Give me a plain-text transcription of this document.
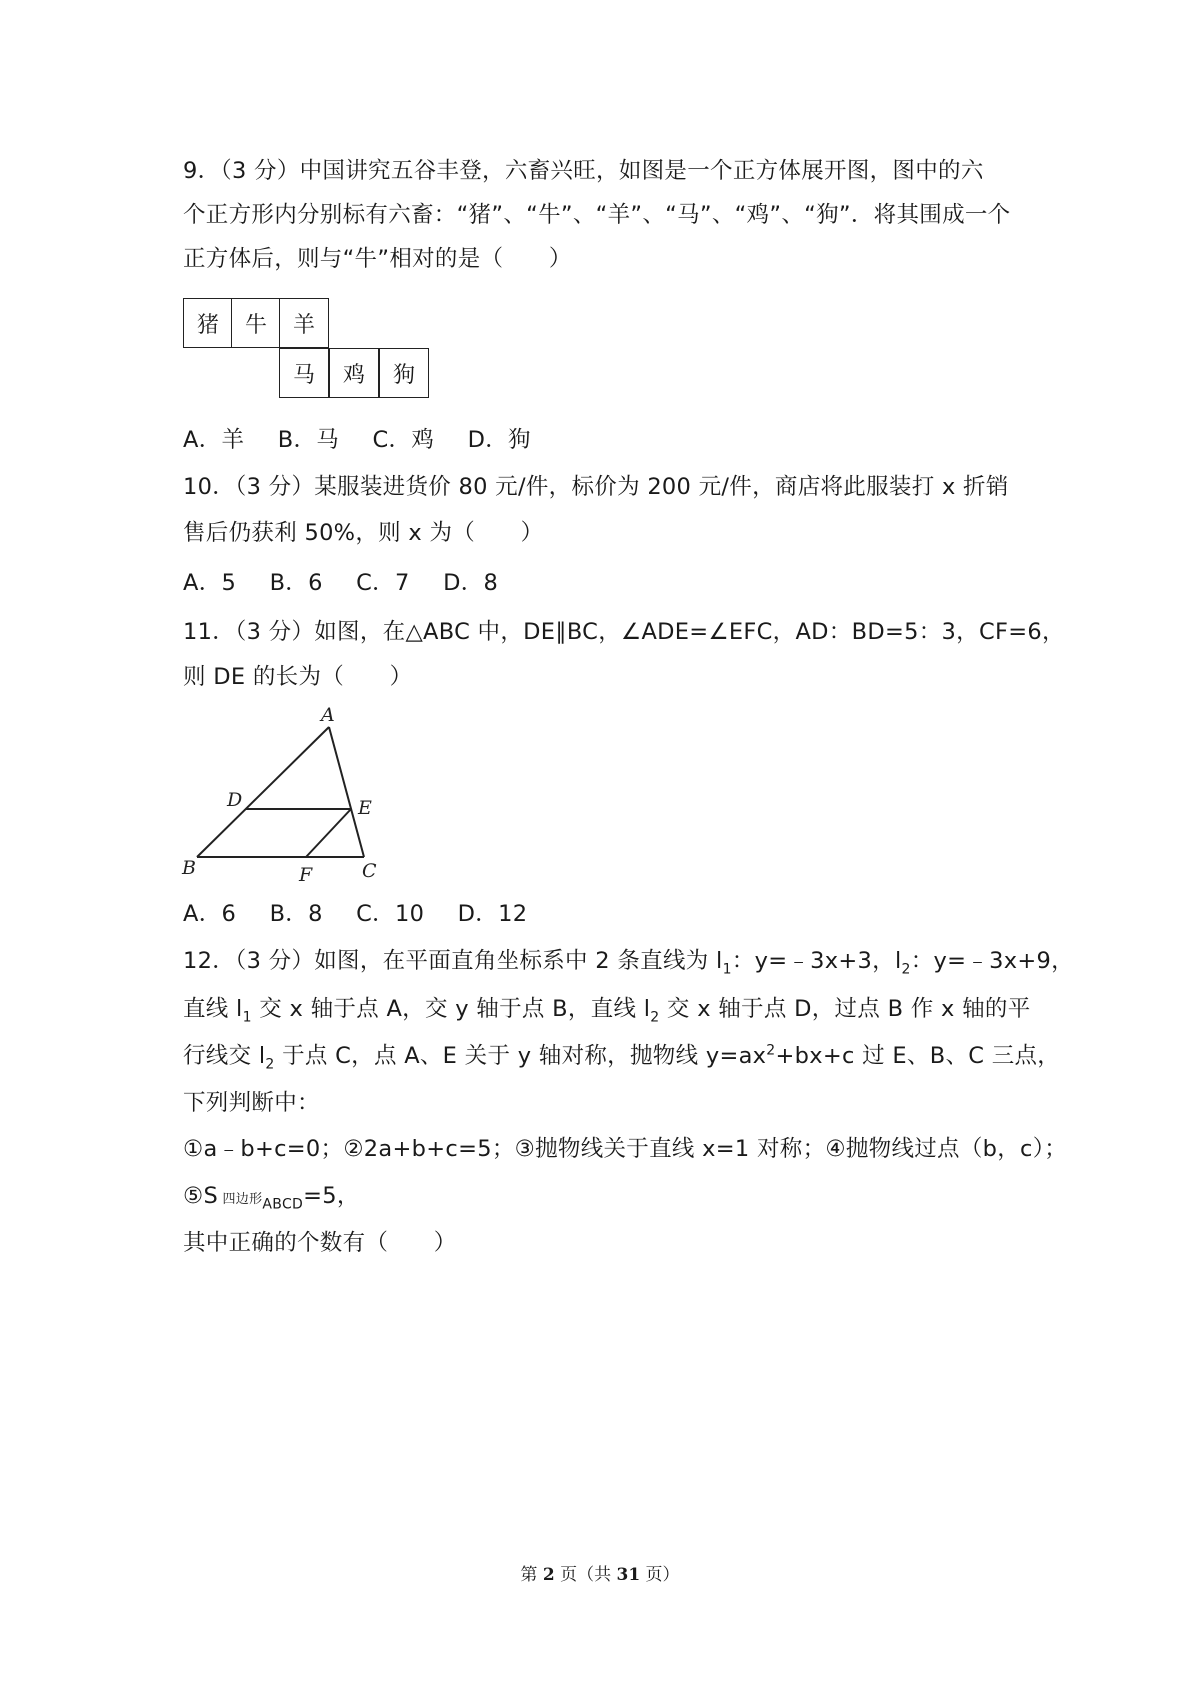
9．（3 分）中国讲究五谷丰登，六畜兴旺，如图是一个正方体展开图，图中的六
个正方形内分别标有六畜：“猪”、“牛”、“羊”、“马”、“鸡”、“狗”．将其围成一个
正方体后，则与“牛”相对的是（　　）
猪	牛	羊
马	鸡	狗
A．羊 B．马 C．鸡 D．狗
10．（3 分）某服装进货价 80 元/件，标价为 200 元/件，商店将此服装打 x 折销
售后仍获利 50%，则 x 为（　　）
A．5 B．6 C．7 D．8
11．（3 分）如图，在△ABC 中，DE∥BC，∠ADE=∠EFC，AD：BD=5：3，CF=6，
则 DE 的长为（　　）
A
B	C
D	E
F
A．6 B．8 C．10 D．12
12．（3 分）如图，在平面直角坐标系中 2 条直线为 $l_1$：y=﹣3x+3，$l_2$：y=﹣3x+9，
直线 $l_1$ 交 x 轴于点 A，交 y 轴于点 B，直线 $l_2$ 交 x 轴于点 D，过点 B 作 x 轴的平
行线交 $l_2$ 于点 C，点 A、E 关于 y 轴对称，抛物线 $y=ax^2+bx+c$ 过 E、B、C 三点，
下列判断中：
①a﹣b+c=0；②2a+b+c=5；③抛物线关于直线 x=1 对称；④抛物线过点（b，c）；
⑤S 四边形$_{ABCD}$=5，
其中正确的个数有（　　）
第 2 页（共 31 页）
